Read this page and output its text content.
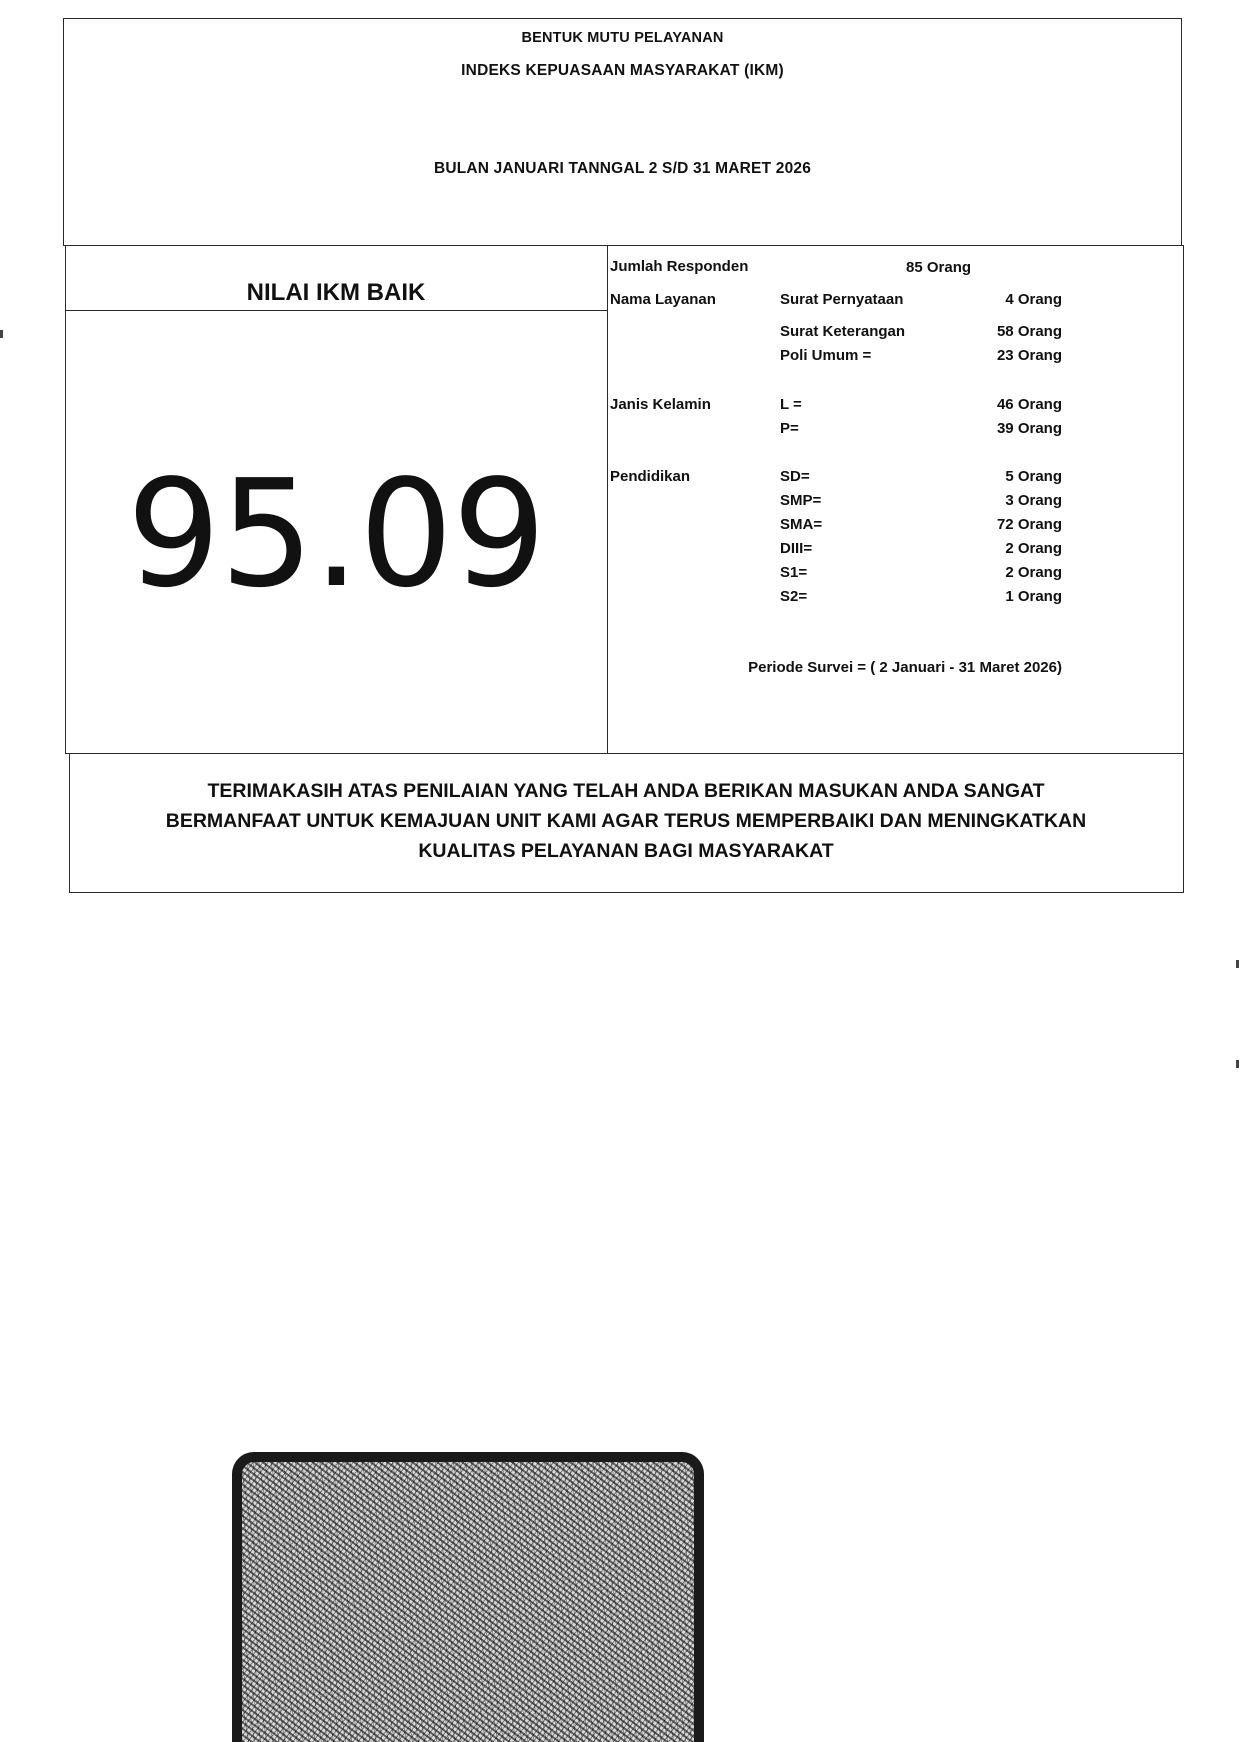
BENTUK MUTU PELAYANAN
INDEKS KEPUASAAN MASYARAKAT (IKM)
BULAN JANUARI TANNGAL 2 S/D 31 MARET 2026
NILAI IKM BAIK
95.09
Jumlah Responden	85 Orang
Nama Layanan	Surat Pernyataan	4 Orang
Surat Keterangan	58 Orang
Poli Umum =	23 Orang
Janis Kelamin	L =	46 Orang
P=	39 Orang
Pendidikan	SD=	5 Orang
SMP=	3 Orang
SMA=	72 Orang
DIII=	2 Orang
S1=	2 Orang
S2=	1 Orang
Periode Survei = ( 2 Januari - 31 Maret 2026)
TERIMAKASIH ATAS PENILAIAN YANG TELAH ANDA BERIKAN MASUKAN ANDA SANGAT
BERMANFAAT UNTUK KEMAJUAN UNIT KAMI AGAR TERUS MEMPERBAIKI DAN MENINGKATKAN
KUALITAS PELAYANAN BAGI MASYARAKAT
